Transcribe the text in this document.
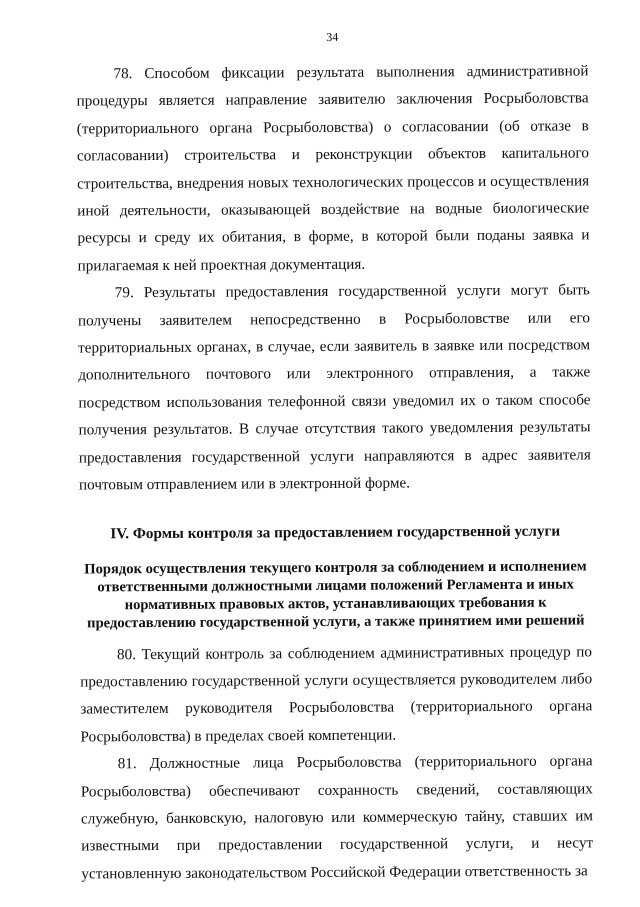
34

78. Способом фиксации результата выполнения административной процедуры является направление заявителю заключения Росрыболовства (территориального органа Росрыболовства) о согласовании (об отказе в согласовании) строительства и реконструкции объектов капитального строительства, внедрения новых технологических процессов и осуществления иной деятельности, оказывающей воздействие на водные биологические ресурсы и среду их обитания, в форме, в которой были поданы заявка и прилагаемая к ней проектная документация.

79. Результаты предоставления государственной услуги могут быть получены заявителем непосредственно в Росрыболовстве или его территориальных органах, в случае, если заявитель в заявке или посредством дополнительного почтового или электронного отправления, а также посредством использования телефонной связи уведомил их о таком способе получения результатов. В случае отсутствия такого уведомления результаты предоставления государственной услуги направляются в адрес заявителя почтовым отправлением или в электронной форме.

IV. Формы контроля за предоставлением государственной услуги
Порядок осуществления текущего контроля за соблюдением и исполнением ответственными должностными лицами положений Регламента и иных нормативных правовых актов, устанавливающих требования к предоставлению государственной услуги, а также принятием ими решений

80. Текущий контроль за соблюдением административных процедур по предоставлению государственной услуги осуществляется руководителем либо заместителем руководителя Росрыболовства (территориального органа Росрыболовства) в пределах своей компетенции.

81. Должностные лица Росрыболовства (территориального органа Росрыболовства) обеспечивают сохранность сведений, составляющих служебную, банковскую, налоговую или коммерческую тайну, ставших им известными при предоставлении государственной услуги, и несут установленную законодательством Российской Федерации ответственность за
